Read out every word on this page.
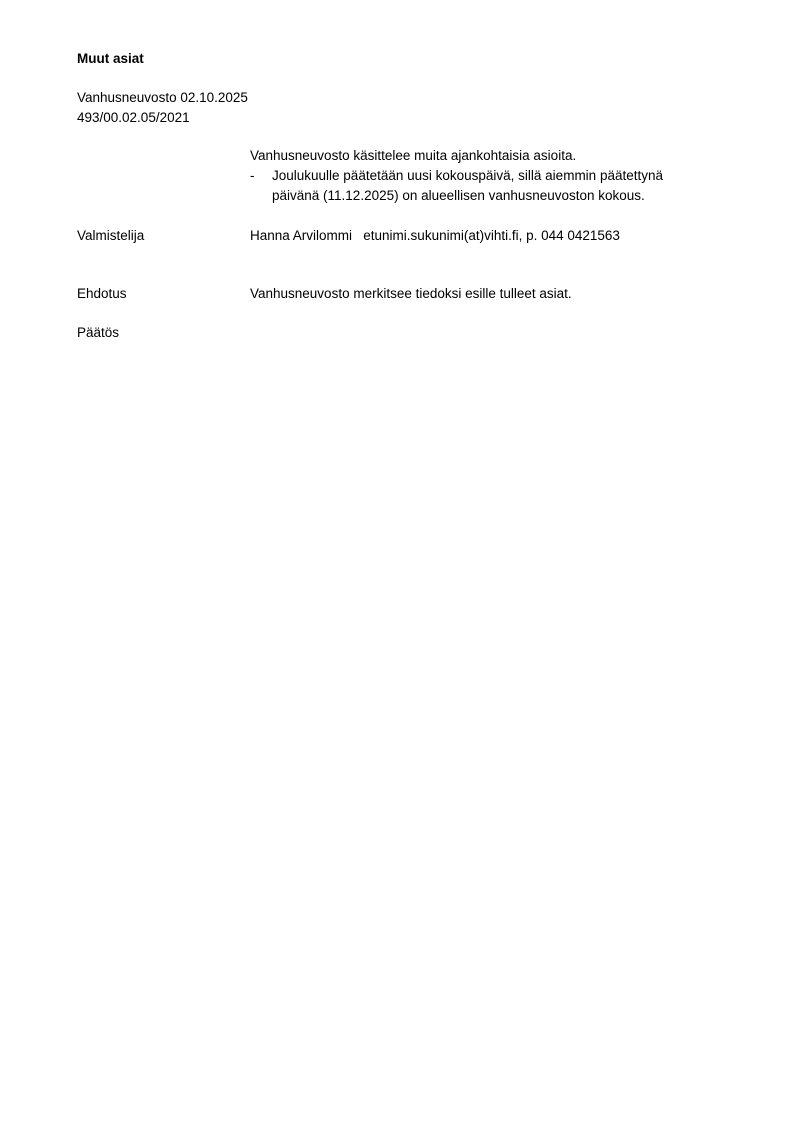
Muut asiat
Vanhusneuvosto 02.10.2025
493/00.02.05/2021
Vanhusneuvosto käsittelee muita ajankohtaisia asioita.
- Joulukuulle päätetään uusi kokouspäivä, sillä aiemmin päätettynä
päivänä (11.12.2025) on alueellisen vanhusneuvoston kokous.
Valmistelija	Hanna Arvilommi   etunimi.sukunimi(at)vihti.fi, p. 044 0421563
Ehdotus	Vanhusneuvosto merkitsee tiedoksi esille tulleet asiat.
Päätös
